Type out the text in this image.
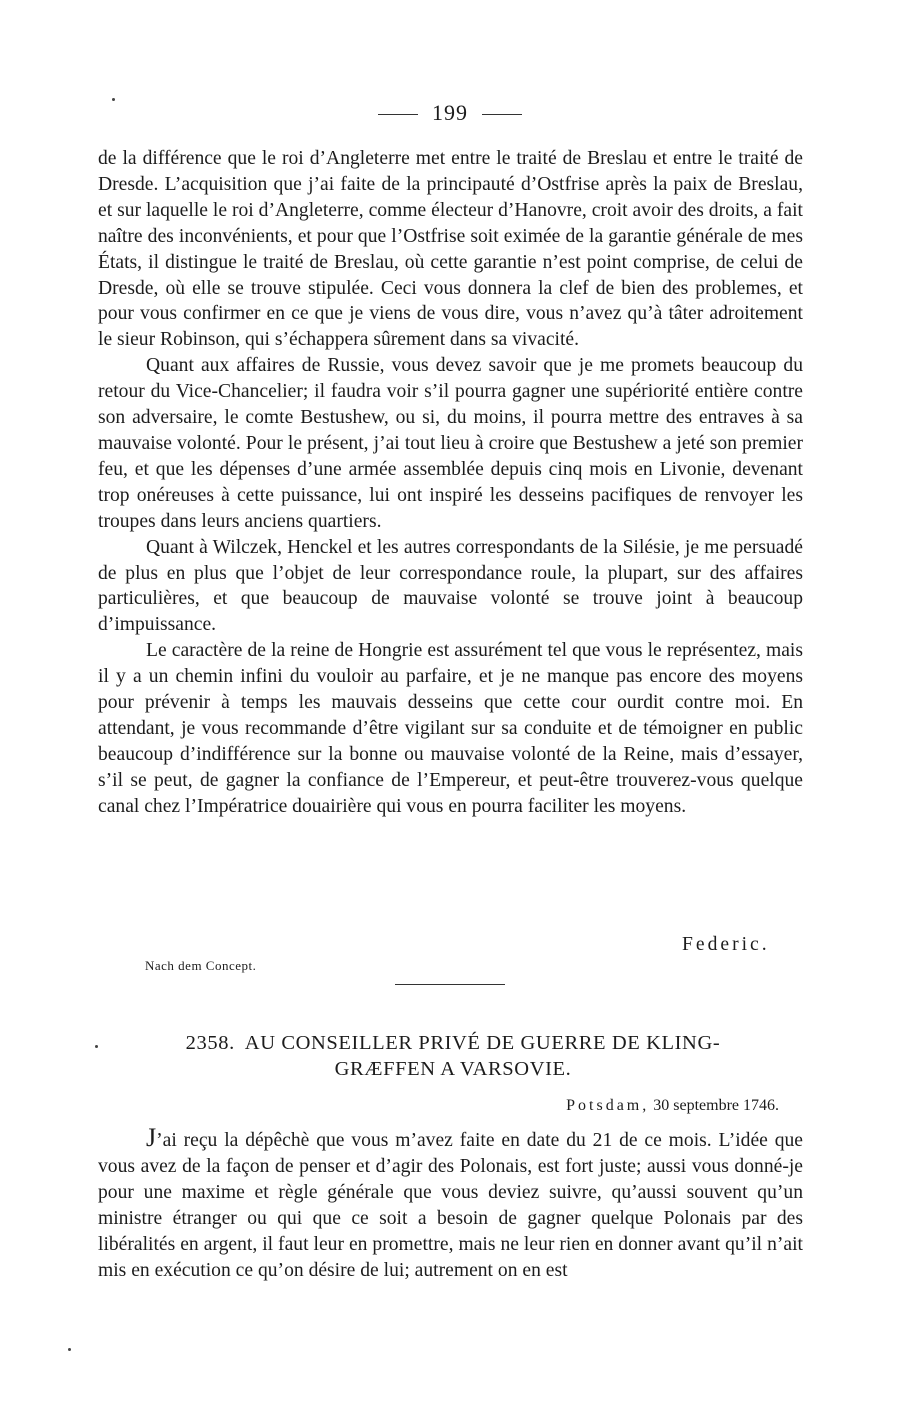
199

de la différence que le roi d’Angleterre met entre le traité de Breslau et entre le traité de Dresde. L’acquisition que j’ai faite de la principauté d’Ostfrise après la paix de Breslau, et sur laquelle le roi d’Angleterre, comme électeur d’Hanovre, croit avoir des droits, a fait naître des inconvénients, et pour que l’Ostfrise soit eximée de la garantie générale de mes États, il distingue le traité de Breslau, où cette garantie n’est point comprise, de celui de Dresde, où elle se trouve stipulée. Ceci vous donnera la clef de bien des problemes, et pour vous confirmer en ce que je viens de vous dire, vous n’avez qu’à tâter adroitement le sieur Robinson, qui s’échappera sûrement dans sa vivacité.

Quant aux affaires de Russie, vous devez savoir que je me promets beaucoup du retour du Vice-Chancelier; il faudra voir s’il pourra gagner une supériorité entière contre son adversaire, le comte Bestushew, ou si, du moins, il pourra mettre des entraves à sa mauvaise volonté. Pour le présent, j’ai tout lieu à croire que Bestushew a jeté son premier feu, et que les dépenses d’une armée assemblée depuis cinq mois en Livonie, devenant trop onéreuses à cette puissance, lui ont inspiré les desseins pacifiques de renvoyer les troupes dans leurs anciens quartiers.

Quant à Wilczek, Henckel et les autres correspondants de la Silésie, je me persuadé de plus en plus que l’objet de leur correspondance roule, la plupart, sur des affaires particulières, et que beaucoup de mauvaise volonté se trouve joint à beaucoup d’impuissance.

Le caractère de la reine de Hongrie est assurément tel que vous le représentez, mais il y a un chemin infini du vouloir au parfaire, et je ne manque pas encore des moyens pour prévenir à temps les mauvais desseins que cette cour ourdit contre moi. En attendant, je vous recommande d’être vigilant sur sa conduite et de témoigner en public beaucoup d’indifférence sur la bonne ou mauvaise volonté de la Reine, mais d’essayer, s’il se peut, de gagner la confiance de l’Empereur, et peut-être trouverez-vous quelque canal chez l’Impératrice douairière qui vous en pourra faciliter les moyens.

Federic.
Nach dem Concept.
2358. AU CONSEILLER PRIVÉ DE GUERRE DE KLING-
GRÆFFEN A VARSOVIE.
Potsdam, 30 septembre 1746.

J’ai reçu la dépêchè que vous m’avez faite en date du 21 de ce mois. L’idée que vous avez de la façon de penser et d’agir des Polonais, est fort juste; aussi vous donné-je pour une maxime et règle générale que vous deviez suivre, qu’aussi souvent qu’un ministre étranger ou qui que ce soit a besoin de gagner quelque Polonais par des libéralités en argent, il faut leur en promettre, mais ne leur rien en donner avant qu’il n’ait mis en exécution ce qu’on désire de lui; autrement on en est
